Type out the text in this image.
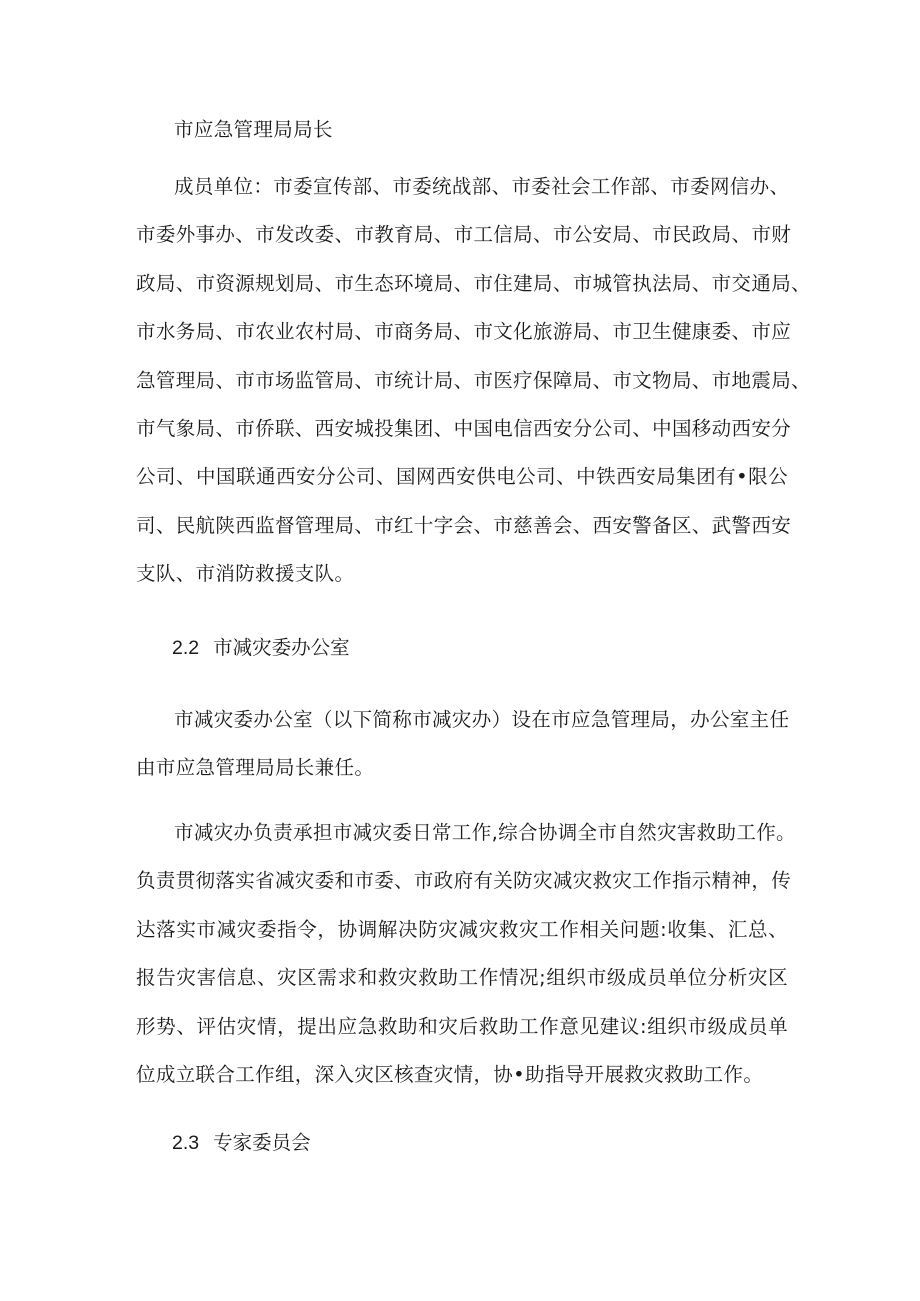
市应急管理局局长
成员单位：市委宣传部、市委统战部、市委社会工作部、市委网信办、
市委外事办、市发改委、市教育局、市工信局、市公安局、市民政局、市财
政局、市资源规划局、市生态环境局、市住建局、市城管执法局、市交通局、
市水务局、市农业农村局、市商务局、市文化旅游局、市卫生健康委、市应
急管理局、市市场监管局、市统计局、市医疗保障局、市文物局、市地震局、
市气象局、市侨联、西安城投集团、中国电信西安分公司、中国移动西安分
公司、中国联通西安分公司、国网西安供电公司、中铁西安局集团有•限公
司、民航陕西监督管理局、市红十字会、市慈善会、西安警备区、武警西安
支队、市消防救援支队。
2.2 市减灾委办公室
市减灾委办公室（以下简称市减灾办）设在市应急管理局，办公室主任
由市应急管理局局长兼任。
市减灾办负责承担市减灾委日常工作,综合协调全市自然灾害救助工作。
负责贯彻落实省减灾委和市委、市政府有关防灾减灾救灾工作指示精神，传
达落实市减灾委指令，协调解决防灾减灾救灾工作相关问题:收集、汇总、
报告灾害信息、灾区需求和救灾救助工作情况;组织市级成员单位分析灾区
形势、评估灾情，提出应急救助和灾后救助工作意见建议:组织市级成员单
位成立联合工作组，深入灾区核查灾情，协•助指导开展救灾救助工作。
2.3 专家委员会
